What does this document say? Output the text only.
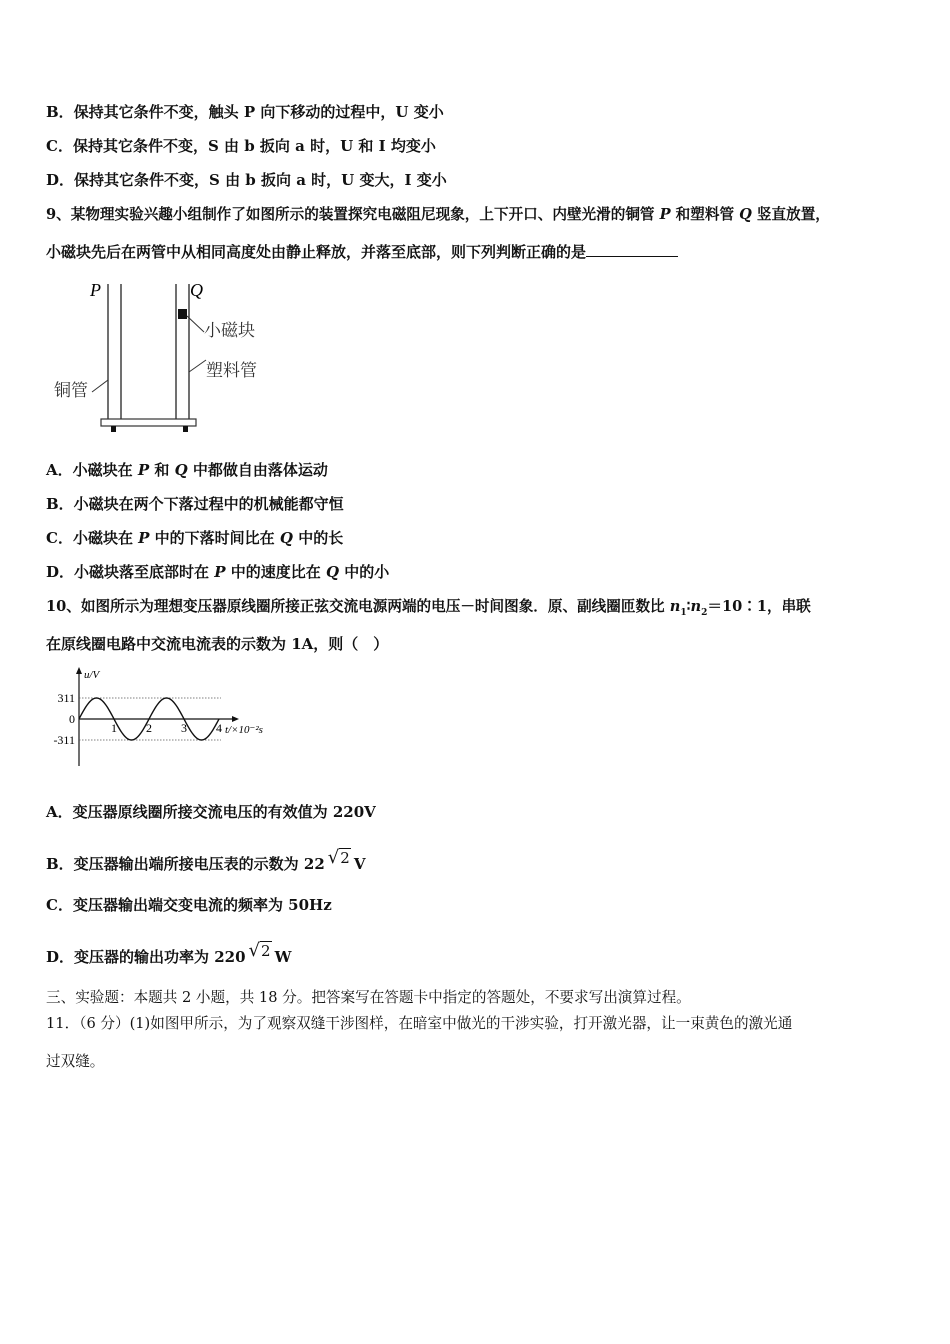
B．保持其它条件不变，触头 P 向下移动的过程中，U 变小
C．保持其它条件不变，S 由 b 扳向 a 时，U 和 I 均变小
D．保持其它条件不变，S 由 b 扳向 a 时，U 变大，I 变小
9、某物理实验兴趣小组制作了如图所示的装置探究电磁阻尼现象，上下开口、内壁光滑的铜管 P 和塑料管 Q 竖直放置，
小磁块先后在两管中从相同高度处由静止释放，并落至底部，则下列判断正确的是
P	Q
小磁块
塑料管
铜管
A．小磁块在 P 和 Q 中都做自由落体运动
B．小磁块在两个下落过程中的机械能都守恒
C．小磁块在 P 中的下落时间比在 Q 中的长
D．小磁块落至底部时在 P 中的速度比在 Q 中的小
10、如图所示为理想变压器原线圈所接正弦交流电源两端的电压－时间图象．原、副线圈匝数比 $n_1∶n_2=10∶1$，串联
在原线圈电路中交流电流表的示数为 1A，则（　）
u/V
t/×10⁻²s
311
0
-311
1 2 3 4
A．变压器原线圈所接交流电压的有效值为 220V
B．变压器输出端所接电压表的示数为 22 √2 V
C．变压器输出端交变电流的频率为 50Hz
D．变压器的输出功率为 220 √2 W
三、实验题：本题共 2 小题，共 18 分。把答案写在答题卡中指定的答题处，不要求写出演算过程。
11．（6 分）(1)如图甲所示，为了观察双缝干涉图样，在暗室中做光的干涉实验，打开激光器，让一束黄色的激光通
过双缝。
